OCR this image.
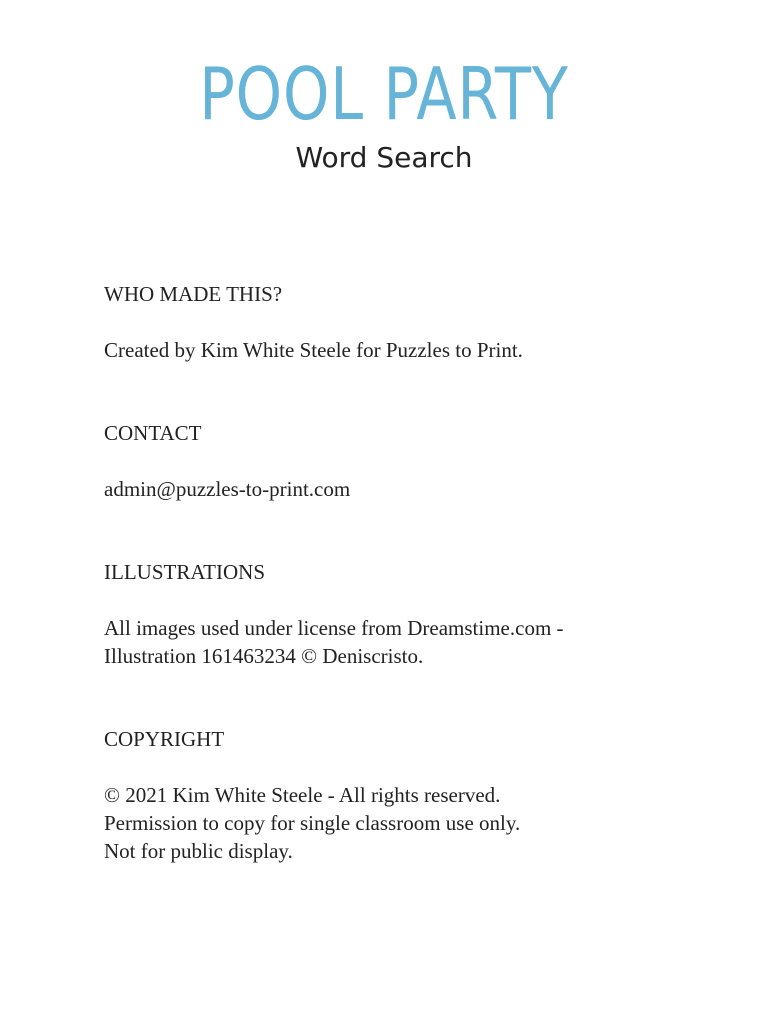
POOL PARTY
Word Search

WHO MADE THIS?

Created by Kim White Steele for Puzzles to Print.

CONTACT

admin@puzzles-to-print.com

ILLUSTRATIONS

All images used under license from Dreamstime.com -
Illustration 161463234 © Deniscristo.

COPYRIGHT

© 2021 Kim White Steele - All rights reserved.
Permission to copy for single classroom use only.
Not for public display.
